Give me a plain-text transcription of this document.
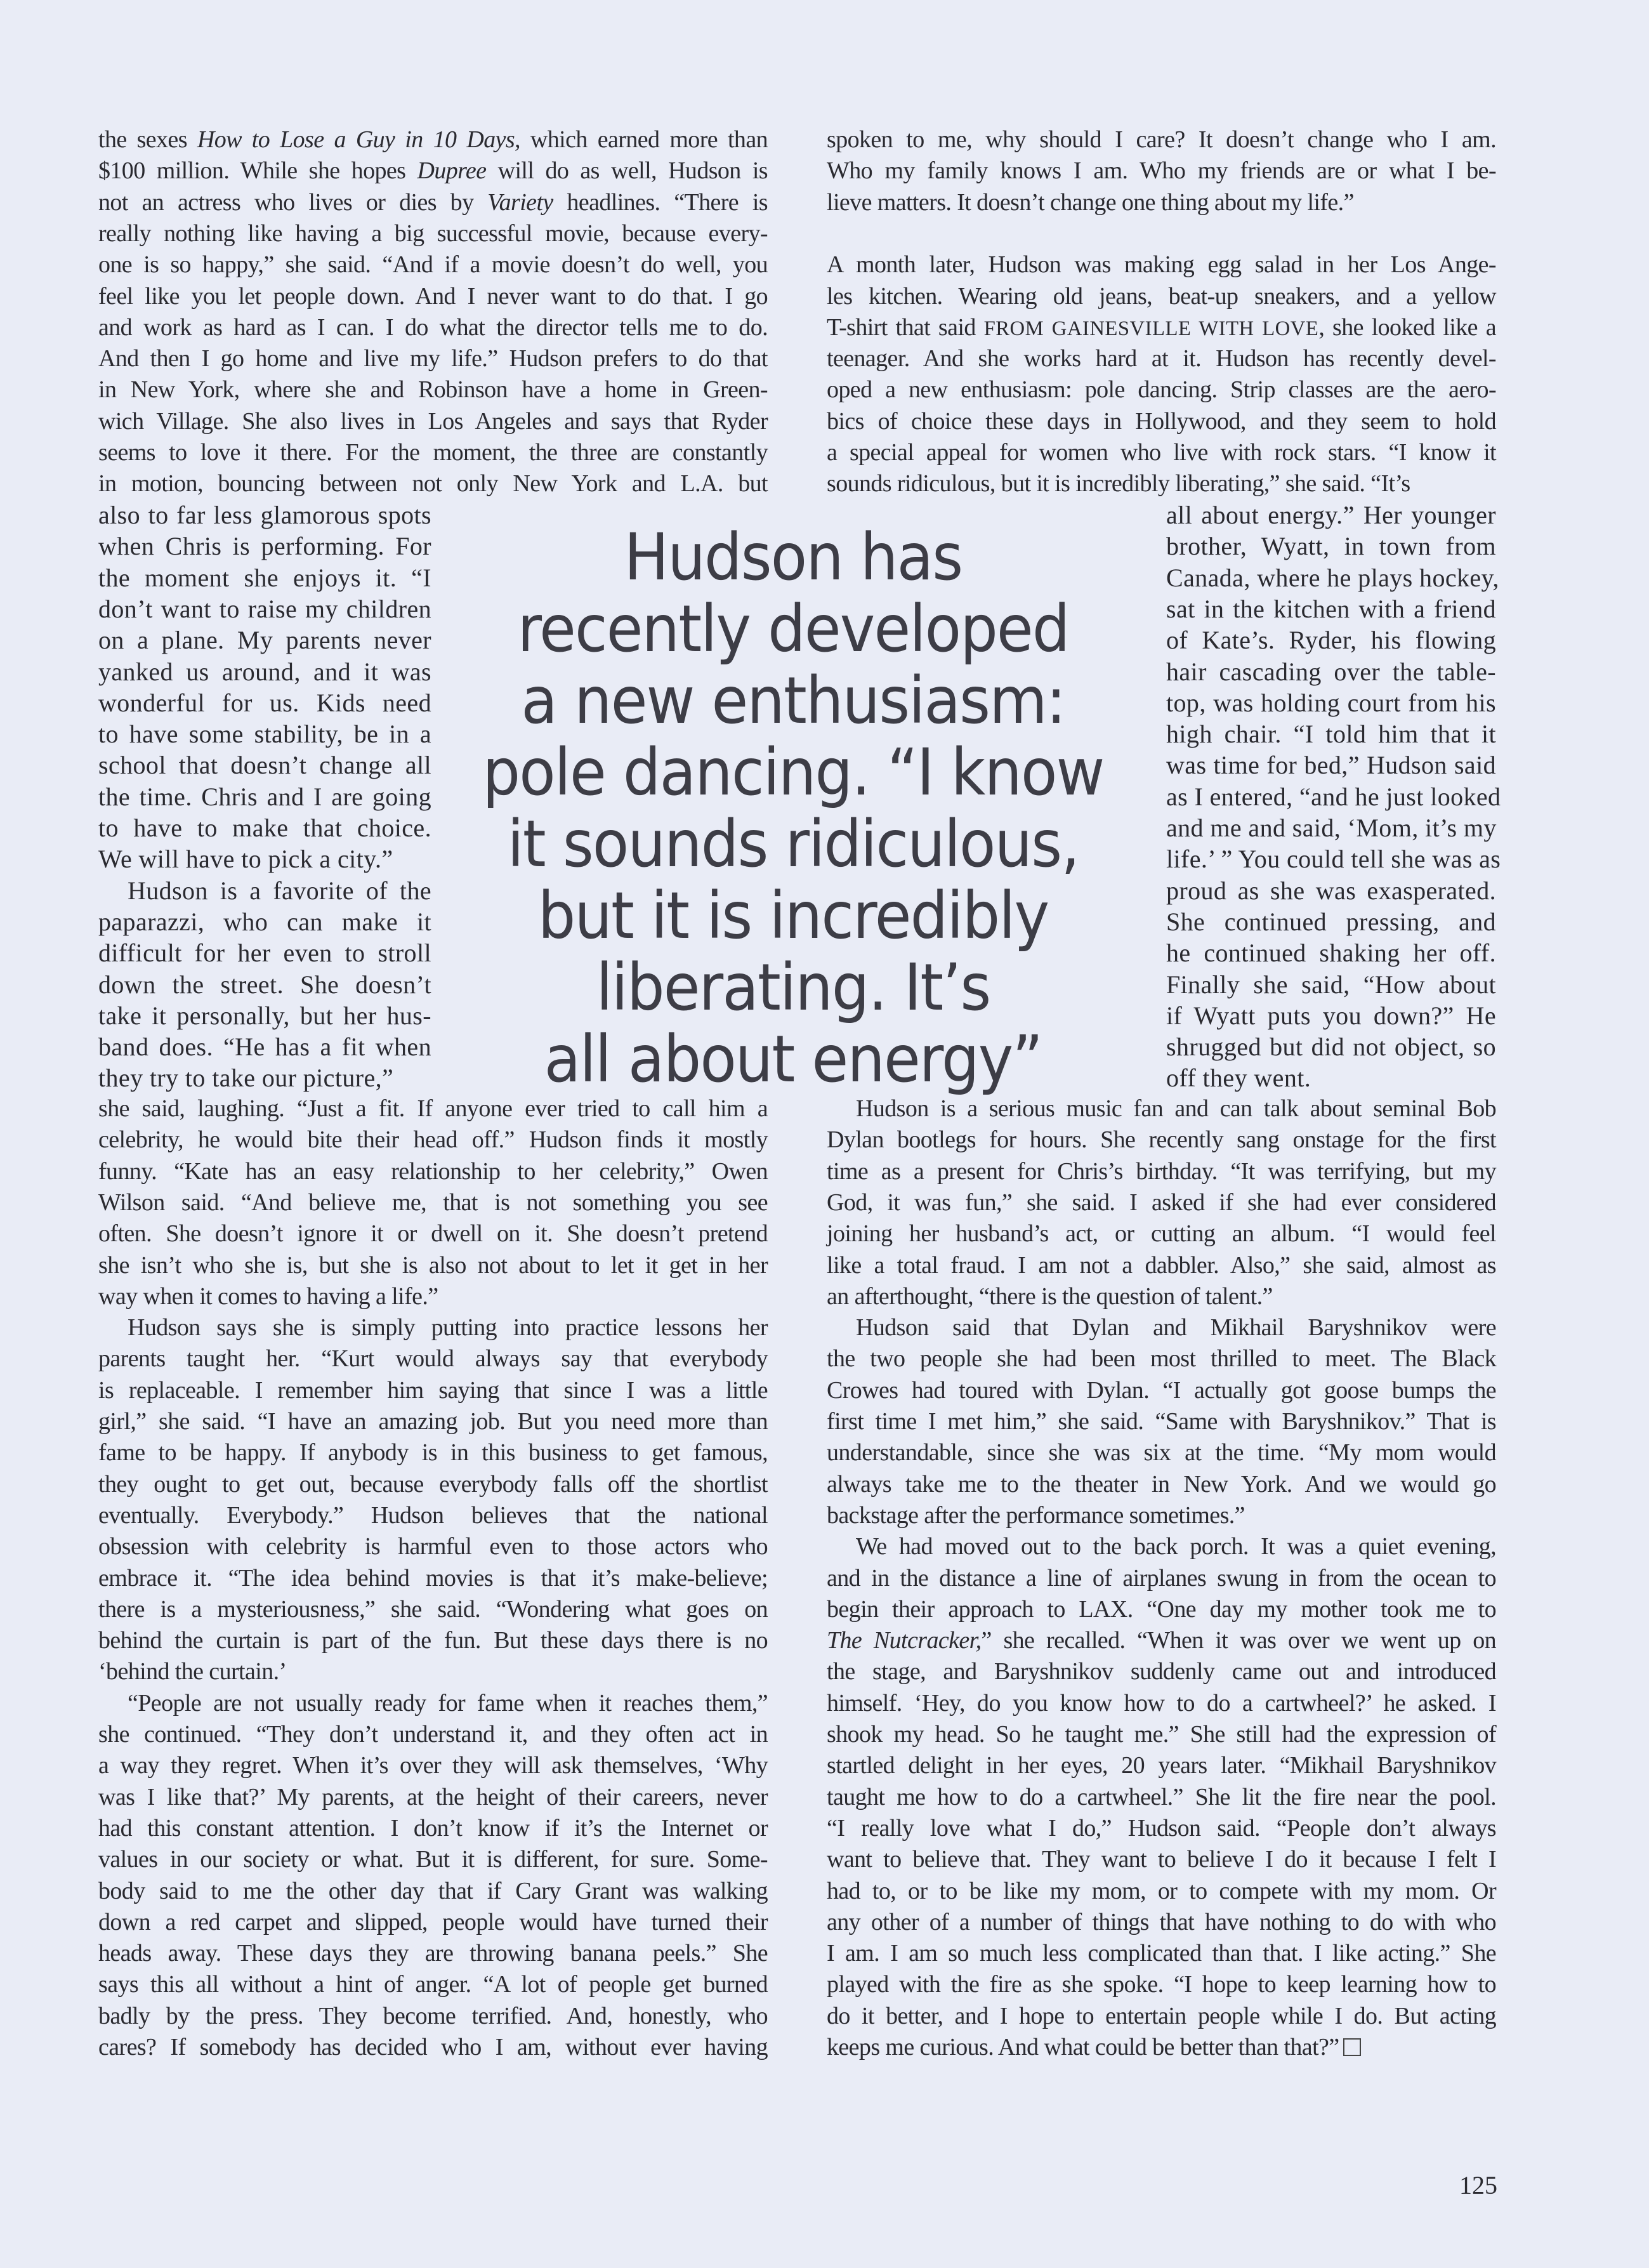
the sexes How to Lose a Guy in 10 Days, which earned more than
$100 million. While she hopes Dupree will do as well, Hudson is
not an actress who lives or dies by Variety headlines. “There is
really nothing like having a big successful movie, because every-
one is so happy,” she said. “And if a movie doesn’t do well, you
feel like you let people down. And I never want to do that. I go
and work as hard as I can. I do what the director tells me to do.
And then I go home and live my life.” Hudson prefers to do that
in New York, where she and Robinson have a home in Green-
wich Village. She also lives in Los Angeles and says that Ryder
seems to love it there. For the moment, the three are constantly
in motion, bouncing between not only New York and L.A. but
also to far less glamorous spots
when Chris is performing. For
the moment she enjoys it. “I
don’t want to raise my children
on a plane. My parents never
yanked us around, and it was
wonderful for us. Kids need
to have some stability, be in a
school that doesn’t change all
the time. Chris and I are going
to have to make that choice.
We will have to pick a city.”
Hudson is a favorite of the
paparazzi, who can make it
difficult for her even to stroll
down the street. She doesn’t
take it personally, but her hus-
band does. “He has a fit when
they try to take our picture,”
she said, laughing. “Just a fit. If anyone ever tried to call him a
celebrity, he would bite their head off.” Hudson finds it mostly
funny. “Kate has an easy relationship to her celebrity,” Owen
Wilson said. “And believe me, that is not something you see
often. She doesn’t ignore it or dwell on it. She doesn’t pretend
she isn’t who she is, but she is also not about to let it get in her
way when it comes to having a life.”
Hudson says she is simply putting into practice lessons her
parents taught her. “Kurt would always say that everybody
is replaceable. I remember him saying that since I was a little
girl,” she said. “I have an amazing job. But you need more than
fame to be happy. If anybody is in this business to get famous,
they ought to get out, because everybody falls off the shortlist
eventually. Everybody.” Hudson believes that the national
obsession with celebrity is harmful even to those actors who
embrace it. “The idea behind movies is that it’s make-believe;
there is a mysteriousness,” she said. “Wondering what goes on
behind the curtain is part of the fun. But these days there is no
‘behind the curtain.’
“People are not usually ready for fame when it reaches them,”
she continued. “They don’t understand it, and they often act in
a way they regret. When it’s over they will ask themselves, ‘Why
was I like that?’ My parents, at the height of their careers, never
had this constant attention. I don’t know if it’s the Internet or
values in our society or what. But it is different, for sure. Some-
body said to me the other day that if Cary Grant was walking
down a red carpet and slipped, people would have turned their
heads away. These days they are throwing banana peels.” She
says this all without a hint of anger. “A lot of people get burned
badly by the press. They become terrified. And, honestly, who
cares? If somebody has decided who I am, without ever having
spoken to me, why should I care? It doesn’t change who I am.
Who my family knows I am. Who my friends are or what I be-
lieve matters. It doesn’t change one thing about my life.”
A month later, Hudson was making egg salad in her Los Ange-
les kitchen. Wearing old jeans, beat-up sneakers, and a yellow
T-shirt that said FROM GAINESVILLE WITH LOVE, she looked like a
teenager. And she works hard at it. Hudson has recently devel-
oped a new enthusiasm: pole dancing. Strip classes are the aero-
bics of choice these days in Hollywood, and they seem to hold
a special appeal for women who live with rock stars. “I know it
sounds ridiculous, but it is incredibly liberating,” she said. “It’s
all about energy.” Her younger
brother, Wyatt, in town from
Canada, where he plays hockey,
sat in the kitchen with a friend
of Kate’s. Ryder, his flowing
hair cascading over the table-
top, was holding court from his
high chair. “I told him that it
was time for bed,” Hudson said
as I entered, “and he just looked
and me and said, ‘Mom, it’s my
life.’ ” You could tell she was as
proud as she was exasperated.
She continued pressing, and
he continued shaking her off.
Finally she said, “How about
if Wyatt puts you down?” He
shrugged but did not object, so
off they went.
Hudson is a serious music fan and can talk about seminal Bob
Dylan bootlegs for hours. She recently sang onstage for the first
time as a present for Chris’s birthday. “It was terrifying, but my
God, it was fun,” she said. I asked if she had ever considered
joining her husband’s act, or cutting an album. “I would feel
like a total fraud. I am not a dabbler. Also,” she said, almost as
an afterthought, “there is the question of talent.”
Hudson said that Dylan and Mikhail Baryshnikov were
the two people she had been most thrilled to meet. The Black
Crowes had toured with Dylan. “I actually got goose bumps the
first time I met him,” she said. “Same with Baryshnikov.” That is
understandable, since she was six at the time. “My mom would
always take me to the theater in New York. And we would go
backstage after the performance sometimes.”
We had moved out to the back porch. It was a quiet evening,
and in the distance a line of airplanes swung in from the ocean to
begin their approach to LAX. “One day my mother took me to
The Nutcracker,” she recalled. “When it was over we went up on
the stage, and Baryshnikov suddenly came out and introduced
himself. ‘Hey, do you know how to do a cartwheel?’ he asked. I
shook my head. So he taught me.” She still had the expression of
startled delight in her eyes, 20 years later. “Mikhail Baryshnikov
taught me how to do a cartwheel.” She lit the fire near the pool.
“I really love what I do,” Hudson said. “People don’t always
want to believe that. They want to believe I do it because I felt I
had to, or to be like my mom, or to compete with my mom. Or
any other of a number of things that have nothing to do with who
I am. I am so much less complicated than that. I like acting.” She
played with the fire as she spoke. “I hope to keep learning how to
do it better, and I hope to entertain people while I do. But acting
keeps me curious. And what could be better than that?”
Hudson has
recently developed
a new enthusiasm:
pole dancing. “I know
it sounds ridiculous,
but it is incredibly
liberating. It’s
all about energy”
125
